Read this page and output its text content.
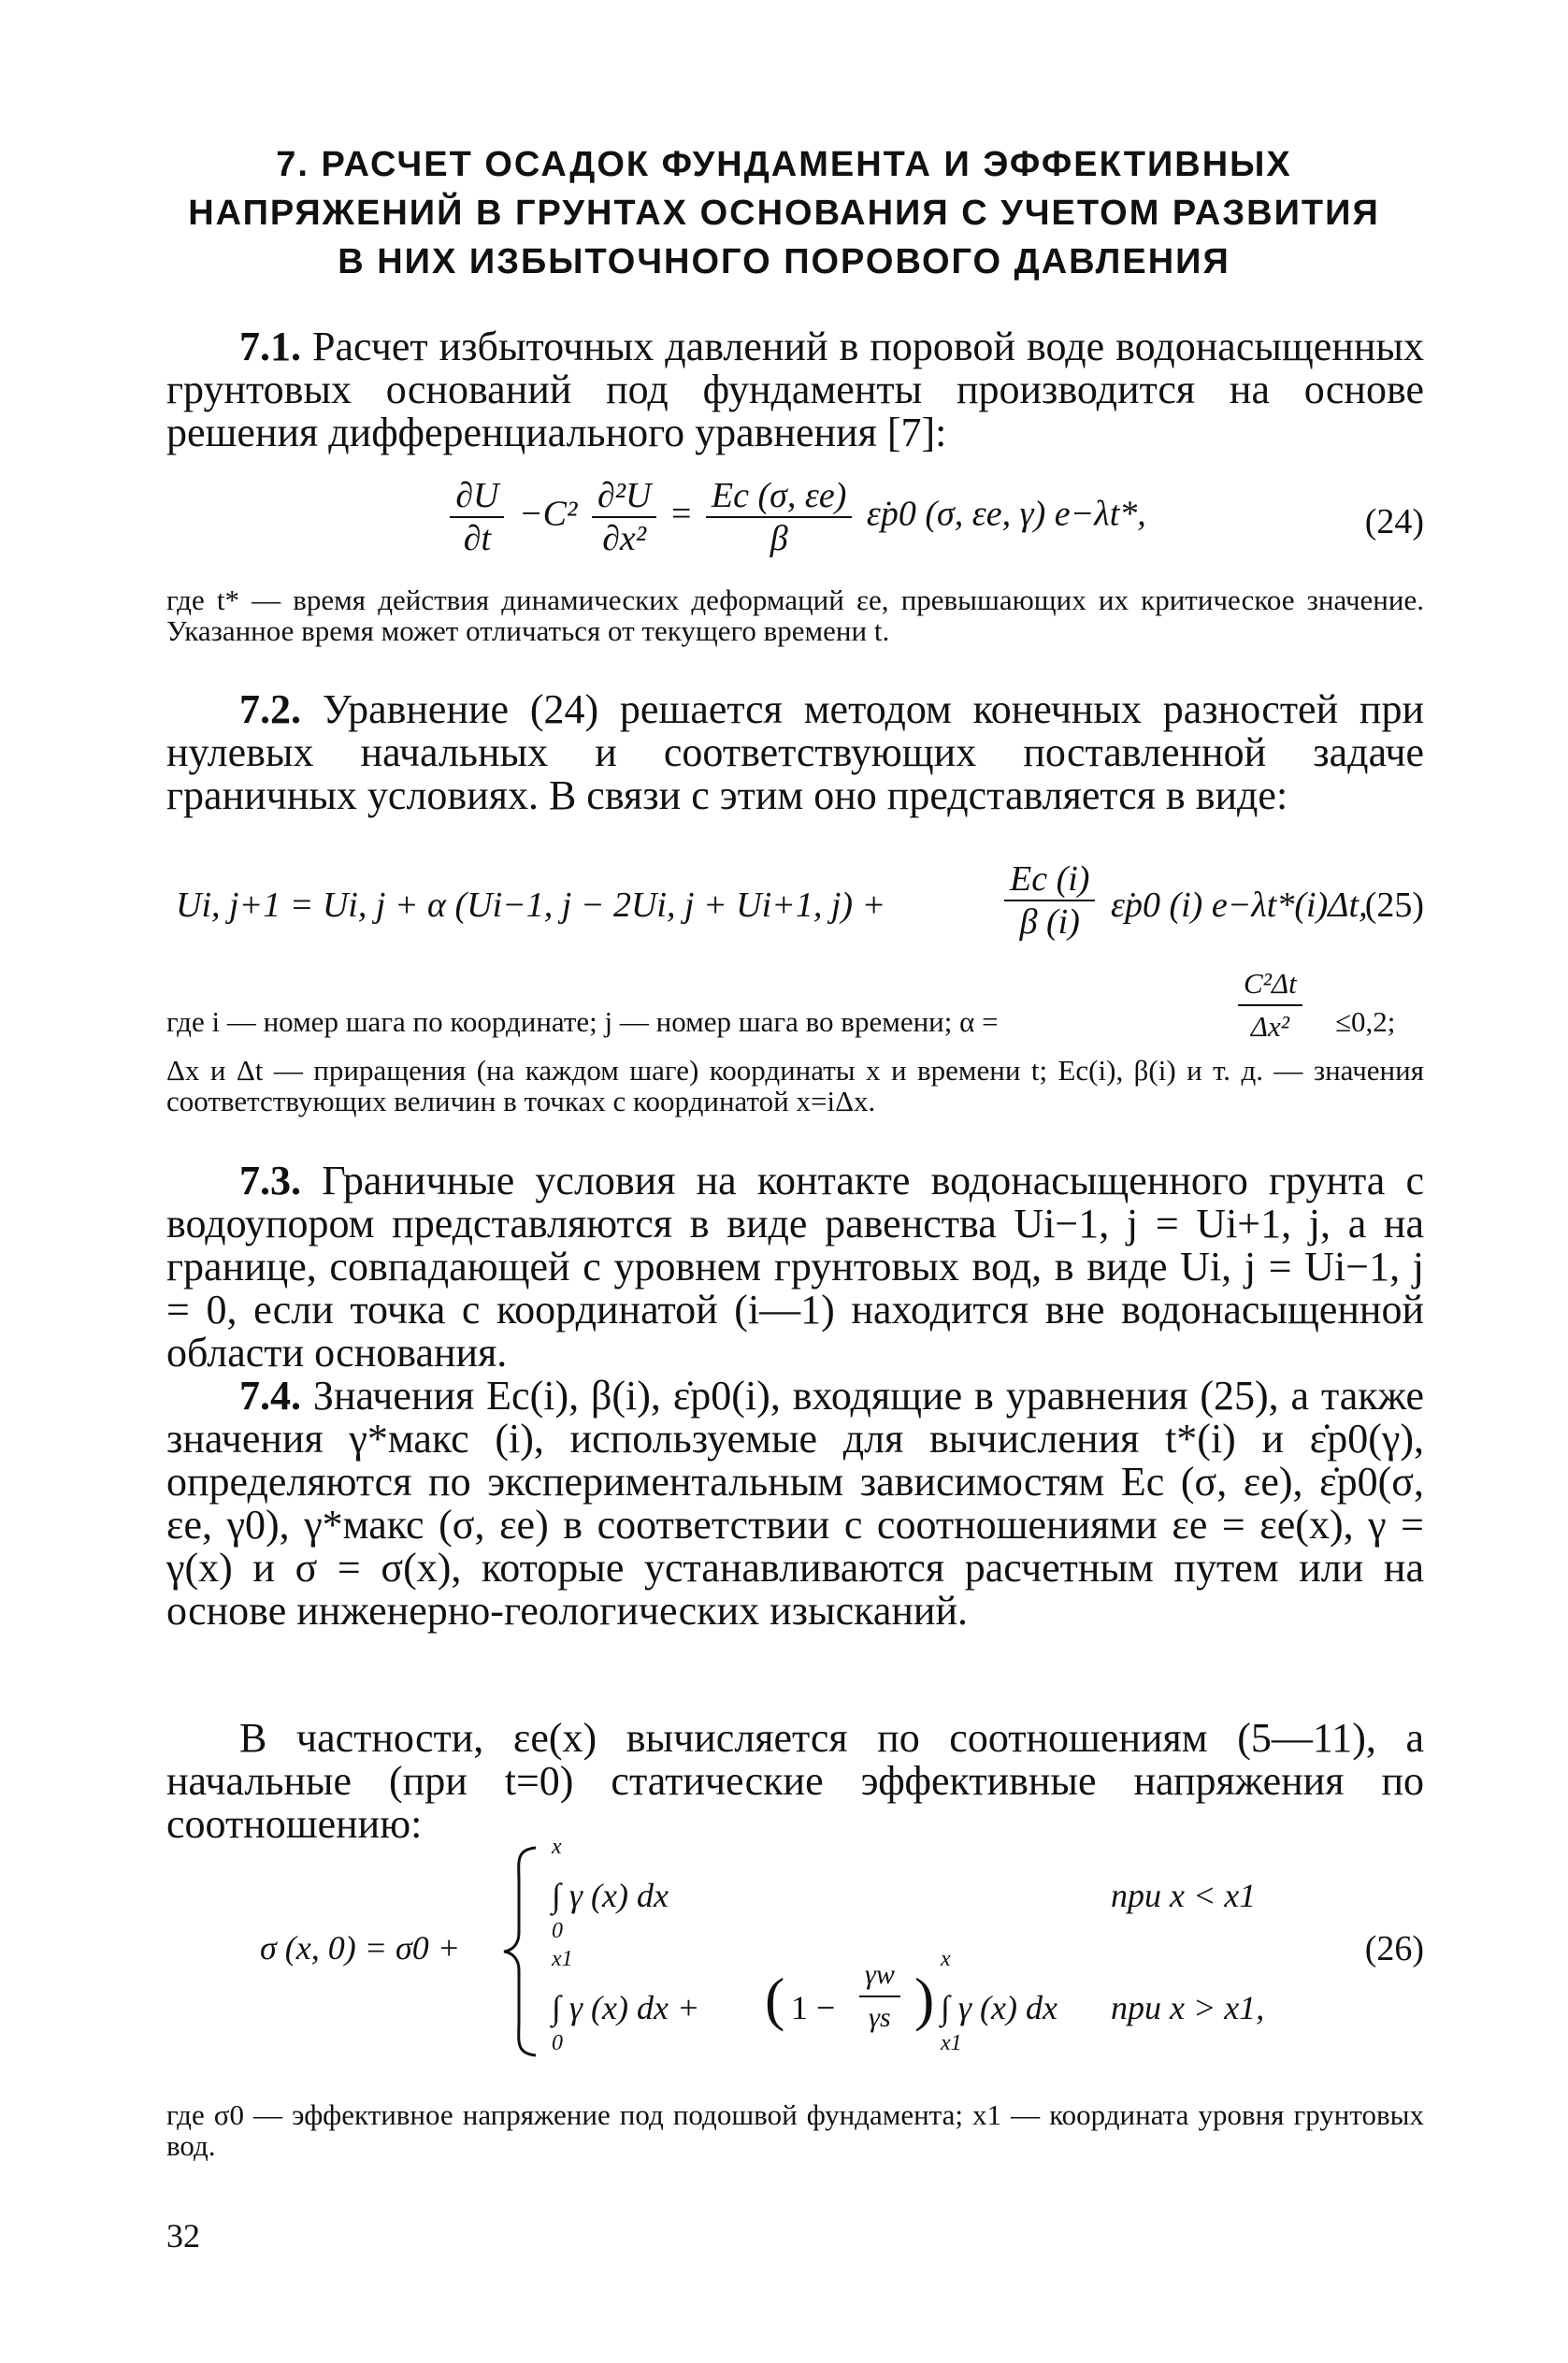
7. РАСЧЕТ ОСАДОК ФУНДАМЕНТА И ЭФФЕКТИВНЫХ
НАПРЯЖЕНИЙ В ГРУНТАХ ОСНОВАНИЯ С УЧЕТОМ РАЗВИТИЯ
В НИХ ИЗБЫТОЧНОГО ПОРОВОГО ДАВЛЕНИЯ
7.1. Расчет избыточных давлений в поровой воде водонасыщенных грунтовых оснований под фундаменты производится на основе решения дифференциального уравнения [7]:
$\frac{\partial U}{\partial t} -C^2 \frac{\text{∂²U}}{\text{∂x²}} = \frac{Eс (\sigma, \varepsilon e)}{\beta}$ ε̇p0 (σ, εe, γ) e−λt*,	(24)
где t* — время действия динамических деформаций εe, превышающих их критическое значение. Указанное время может отличаться от текущего времени t.
7.2. Уравнение (24) решается методом конечных разностей при нулевых начальных и соответствующих поставленной задаче граничных условиях. В связи с этим оно представляется в виде:
Ui, j+1 = Ui, j + α (Ui−1, j − 2Ui, j + Ui+1, j) +
Eс (i)
β (i) ε̇p0 (i) e−λt*(i)Δt,
(25)
где i — номер шага по координате; j — номер шага во времени; α =	$\frac{\text{C²Δt}}{\text{Δx²}} \le 0,2$;
Δx и Δt — приращения (на каждом шаге) координаты x и времени t; Eс(i), β(i) и т. д. — значения соответствующих величин в точках с координатой x=iΔx.
7.3. Граничные условия на контакте водонасыщенного грунта с водоупором представляются в виде равенства Ui−1, j = Ui+1, j, а на границе, совпадающей с уровнем грунтовых вод, в виде Ui, j = Ui−1, j = 0, если точка с координатой (i—1) находится вне водонасыщенной области основания.
7.4. Значения Eс(i), β(i), ε̇p0(i), входящие в уравнения (25), а также значения γ*макс (i), используемые для вычисления t*(i) и ε̇p0(γ), определяются по экспериментальным зависимостям Eс (σ, εe), ε̇p0(σ, εe, γ0), γ*макс (σ, εe) в соответствии с соотношениями εe = εe(x), γ = γ(x) и σ = σ(x), которые устанавливаются расчетным путем или на основе инженерно-геологических изысканий.
В частности, εe(x) вычисляется по соотношениям (5—11), а начальные (при t=0) статические эффективные напряжения по соотношению:
σ (x, 0) = σ0 +
x
∫ γ (x) dx
0
при x < x1
x1
∫ γ (x) dx +
0
( $1 - \frac{\gamma w}{\gamma s}$ )
x
∫ γ (x) dx
x1
при x > x1,
(26)
где σ0 — эффективное напряжение под подошвой фундамента; x1 — координата уровня грунтовых вод.
32
